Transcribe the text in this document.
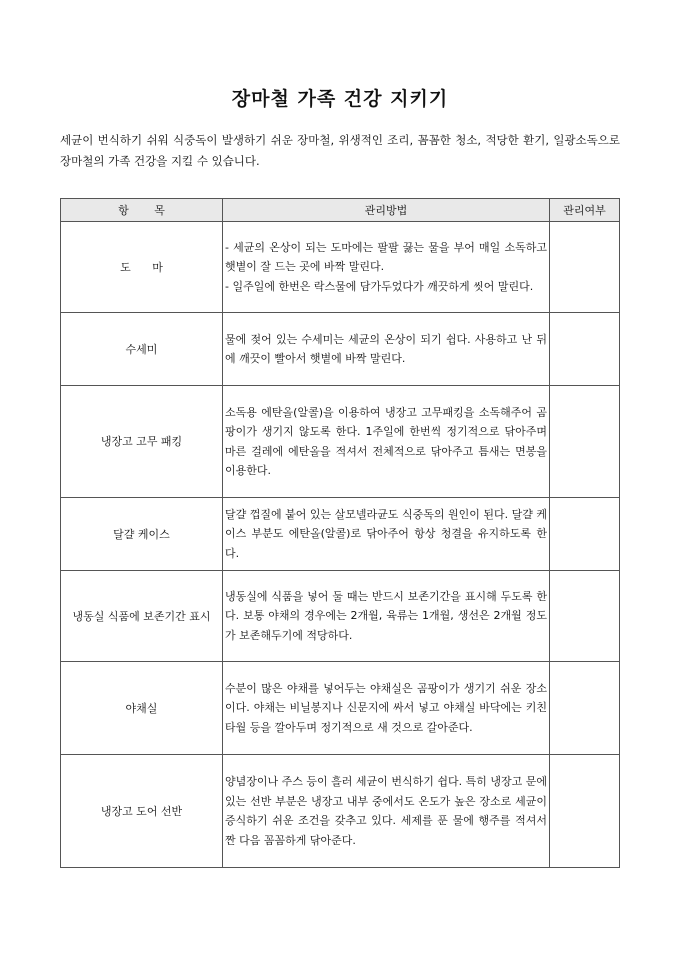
장마철 가족 건강 지키기
세균이 번식하기 쉬워 식중독이 발생하기 쉬운 장마철, 위생적인 조리, 꼼꼼한 청소, 적당한 환기, 일광소독으로 장마철의 가족 건강을 지킬 수 있습니다.
항 목	관리방법	관리여부
도 마	- 세균의 온상이 되는 도마에는 팔팔 끓는 물을 부어 매일 소독하고 햇볕이 잘 드는 곳에 바짝 말린다.

- 일주일에 한번은 락스물에 담가두었다가 깨끗하게 씻어 말린다.	

수세미	물에 젖어 있는 수세미는 세균의 온상이 되기 쉽다. 사용하고 난 뒤에 깨끗이 빨아서 햇볕에 바짝 말린다.	

냉장고 고무 패킹	소독용 에탄올(알콜)을 이용하여 냉장고 고무패킹을 소독해주어 곰팡이가 생기지 않도록 한다. 1주일에 한번씩 정기적으로 닦아주며 마른 걸레에 에탄올을 적셔서 전체적으로 닦아주고 틈새는 면봉을 이용한다.	

달걀 케이스	달걀 껍질에 붙어 있는 살모넬라균도 식중독의 원인이 된다. 달걀 케이스 부분도 에탄올(알콜)로 닦아주어 항상 청결을 유지하도록 한다.	

냉동실 식품에 보존기간 표시	냉동실에 식품을 넣어 둘 때는 반드시 보존기간을 표시해 두도록 한다. 보통 야채의 경우에는 2개월, 육류는 1개월, 생선은 2개월 정도가 보존해두기에 적당하다.	

야채실	수분이 많은 야채를 넣어두는 야채실은 곰팡이가 생기기 쉬운 장소이다. 야채는 비닐봉지나 신문지에 싸서 넣고 야채실 바닥에는 키친 타월 등을 깔아두며 정기적으로 새 것으로 갈아준다.	

냉장고 도어 선반	양념장이나 주스 등이 흘러 세균이 번식하기 쉽다. 특히 냉장고 문에 있는 선반 부분은 냉장고 내부 중에서도 온도가 높은 장소로 세균이 증식하기 쉬운 조건을 갖추고 있다. 세제를 푼 물에 행주를 적셔서 짠 다음 꼼꼼하게 닦아준다.	
